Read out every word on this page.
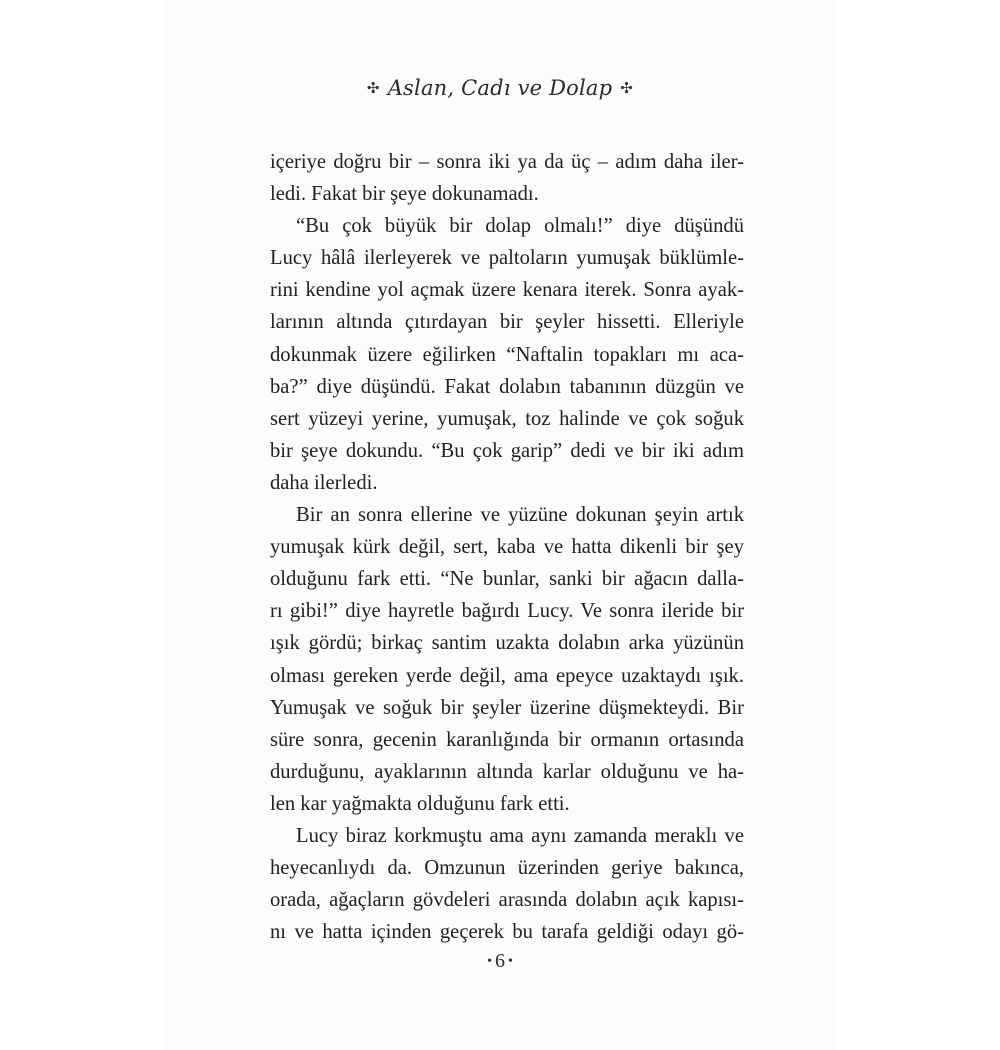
✣ Aslan, Cadı ve Dolap ✣
içeriye doğru bir – sonra iki ya da üç – adım daha iler-
ledi. Fakat bir şeye dokunamadı.
“Bu çok büyük bir dolap olmalı!” diye düşündü
Lucy hâlâ ilerleyerek ve paltoların yumuşak büklümle-
rini kendine yol açmak üzere kenara iterek. Sonra ayak-
larının altında çıtırdayan bir şeyler hissetti. Elleriyle
dokunmak üzere eğilirken “Naftalin topakları mı aca-
ba?” diye düşündü. Fakat dolabın tabanının düzgün ve
sert yüzeyi yerine, yumuşak, toz halinde ve çok soğuk
bir şeye dokundu. “Bu çok garip” dedi ve bir iki adım
daha ilerledi.
Bir an sonra ellerine ve yüzüne dokunan şeyin artık
yumuşak kürk değil, sert, kaba ve hatta dikenli bir şey
olduğunu fark etti. “Ne bunlar, sanki bir ağacın dalla-
rı gibi!” diye hayretle bağırdı Lucy. Ve sonra ileride bir
ışık gördü; birkaç santim uzakta dolabın arka yüzünün
olması gereken yerde değil, ama epeyce uzaktaydı ışık.
Yumuşak ve soğuk bir şeyler üzerine düşmekteydi. Bir
süre sonra, gecenin karanlığında bir ormanın ortasında
durduğunu, ayaklarının altında karlar olduğunu ve ha-
len kar yağmakta olduğunu fark etti.
Lucy biraz korkmuştu ama aynı zamanda meraklı ve
heyecanlıydı da. Omzunun üzerinden geriye bakınca,
orada, ağaçların gövdeleri arasında dolabın açık kapısı-
nı ve hatta içinden geçerek bu tarafa geldiği odayı gö-
• 6 •
